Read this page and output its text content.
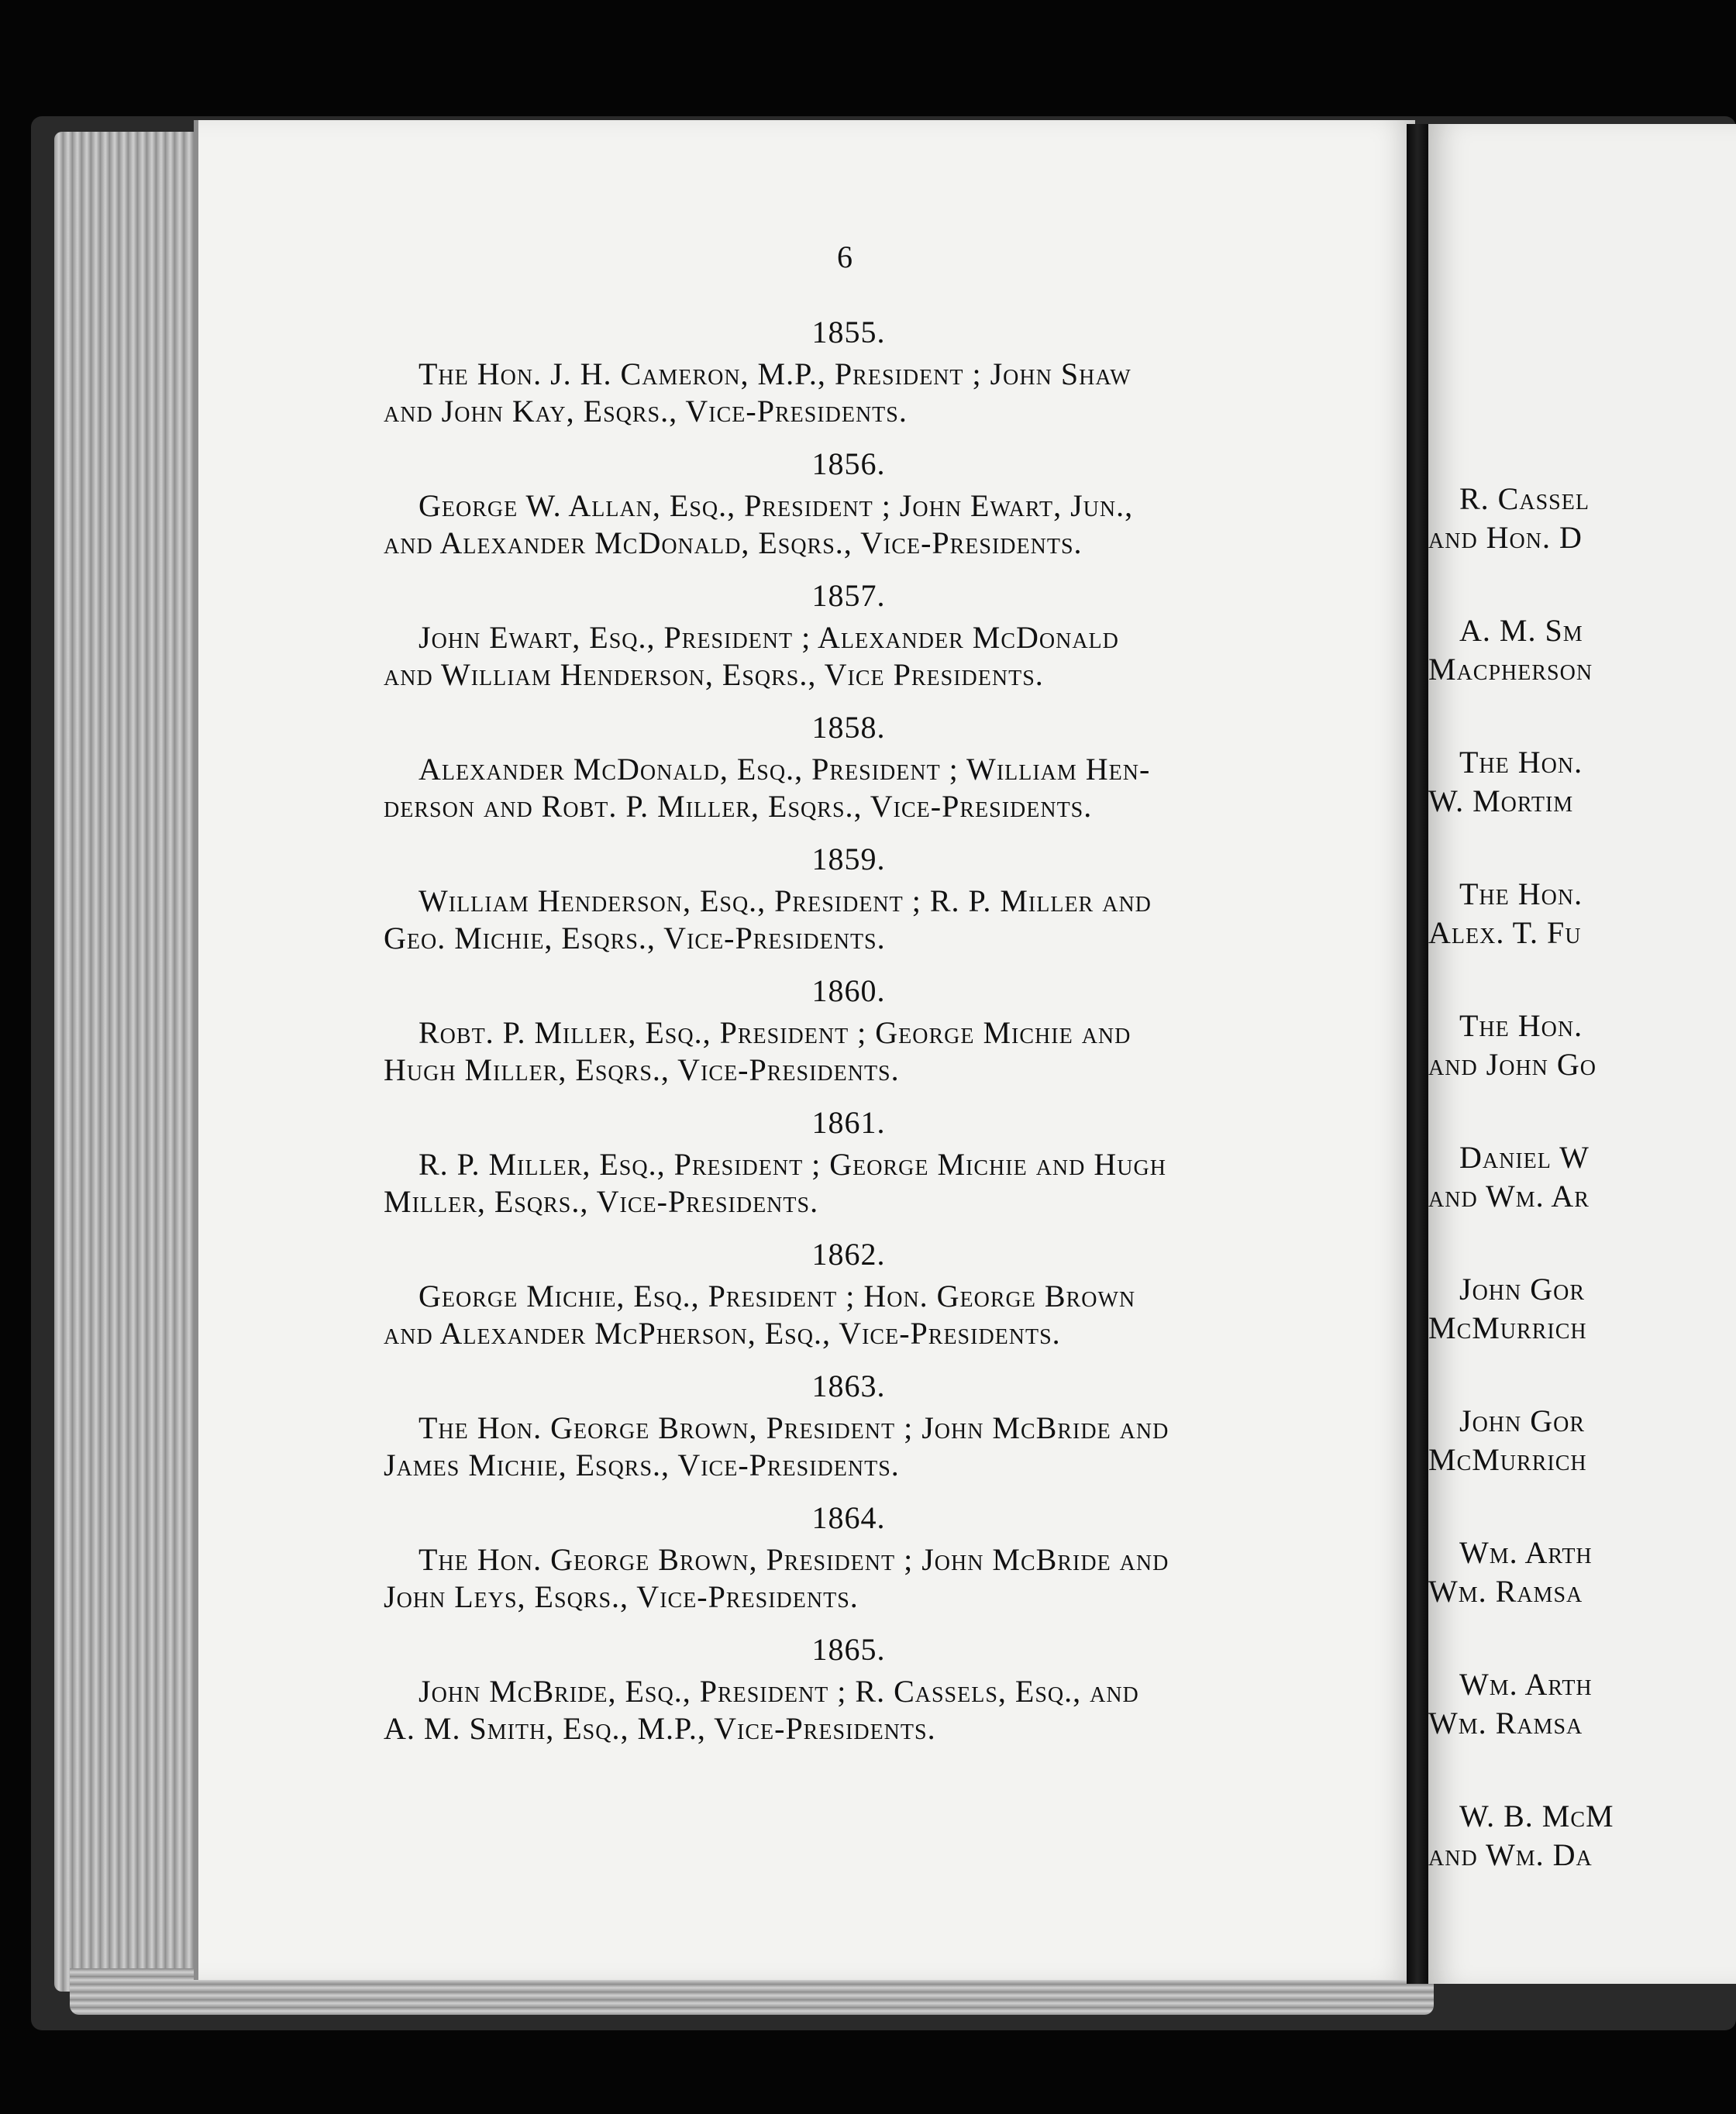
R. Cassel
and Hon. D
A. M. Sm
Macpherson
The Hon.
W. Mortim
The Hon.
Alex. T. Fu
The Hon.
and John Go
Daniel W
and Wm. Ar
John Gor
McMurrich
John Gor
McMurrich
Wm. Arth
Wm. Ramsa
Wm. Arth
Wm. Ramsa
W. B. McM
and Wm. Da
6
1855.
The Hon. J. H. Cameron, M.P., President ; John Shaw
and John Kay, Esqrs., Vice-Presidents.
1856.
George W. Allan, Esq., President ; John Ewart, Jun.,
and Alexander McDonald, Esqrs., Vice-Presidents.
1857.
John Ewart, Esq., President ; Alexander McDonald
and William Henderson, Esqrs., Vice Presidents.
1858.
Alexander McDonald, Esq., President ; William Hen-
derson and Robt. P. Miller, Esqrs., Vice-Presidents.
1859.
William Henderson, Esq., President ; R. P. Miller and
Geo. Michie, Esqrs., Vice-Presidents.
1860.
Robt. P. Miller, Esq., President ; George Michie and
Hugh Miller, Esqrs., Vice-Presidents.
1861.
R. P. Miller, Esq., President ; George Michie and Hugh
Miller, Esqrs., Vice-Presidents.
1862.
George Michie, Esq., President ; Hon. George Brown
and Alexander McPherson, Esq., Vice-Presidents.
1863.
The Hon. George Brown, President ; John McBride and
James Michie, Esqrs., Vice-Presidents.
1864.
The Hon. George Brown, President ; John McBride and
John Leys, Esqrs., Vice-Presidents.
1865.
John McBride, Esq., President ; R. Cassels, Esq., and
A. M. Smith, Esq., M.P., Vice-Presidents.
